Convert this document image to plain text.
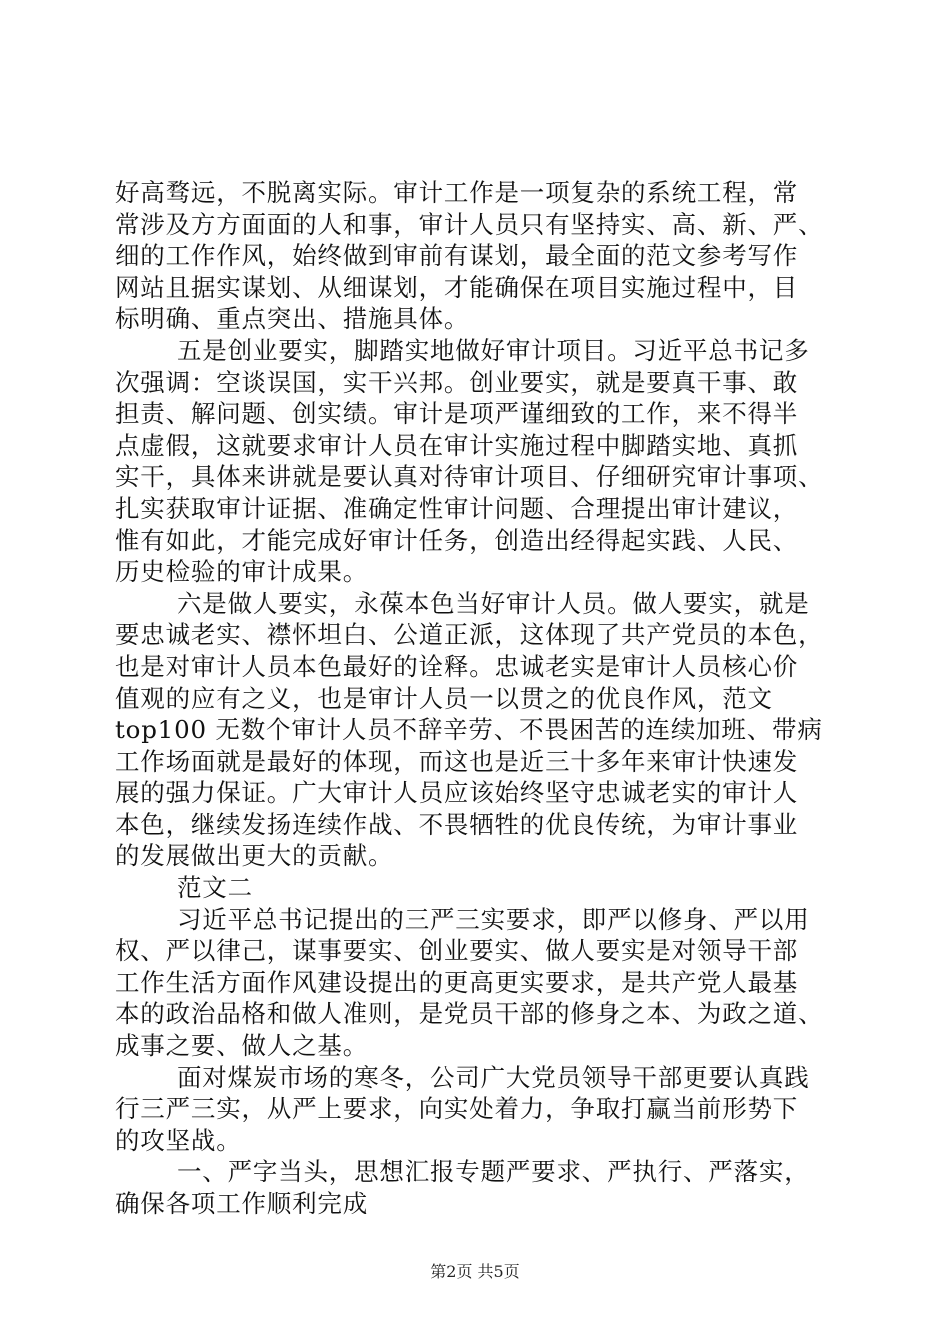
好高骛远，不脱离实际。审计工作是一项复杂的系统工程，常
常涉及方方面面的人和事，审计人员只有坚持实、高、新、严、
细的工作作风，始终做到审前有谋划，最全面的范文参考写作
网站且据实谋划、从细谋划，才能确保在项目实施过程中，目
标明确、重点突出、措施具体。
五是创业要实，脚踏实地做好审计项目。习近平总书记多
次强调：空谈误国，实干兴邦。创业要实，就是要真干事、敢
担责、解问题、创实绩。审计是项严谨细致的工作，来不得半
点虚假，这就要求审计人员在审计实施过程中脚踏实地、真抓
实干，具体来讲就是要认真对待审计项目、仔细研究审计事项、
扎实获取审计证据、准确定性审计问题、合理提出审计建议，
惟有如此，才能完成好审计任务，创造出经得起实践、人民、
历史检验的审计成果。
六是做人要实，永葆本色当好审计人员。做人要实，就是
要忠诚老实、襟怀坦白、公道正派，这体现了共产党员的本色，
也是对审计人员本色最好的诠释。忠诚老实是审计人员核心价
值观的应有之义，也是审计人员一以贯之的优良作风，范文
top100 无数个审计人员不辞辛劳、不畏困苦的连续加班、带病
工作场面就是最好的体现，而这也是近三十多年来审计快速发
展的强力保证。广大审计人员应该始终坚守忠诚老实的审计人
本色，继续发扬连续作战、不畏牺牲的优良传统，为审计事业
的发展做出更大的贡献。
范文二
习近平总书记提出的三严三实要求，即严以修身、严以用
权、严以律己，谋事要实、创业要实、做人要实是对领导干部
工作生活方面作风建设提出的更高更实要求，是共产党人最基
本的政治品格和做人准则，是党员干部的修身之本、为政之道、
成事之要、做人之基。
面对煤炭市场的寒冬，公司广大党员领导干部更要认真践
行三严三实，从严上要求，向实处着力，争取打赢当前形势下
的攻坚战。
一、严字当头，思想汇报专题严要求、严执行、严落实，
确保各项工作顺利完成
第2页 共5页
